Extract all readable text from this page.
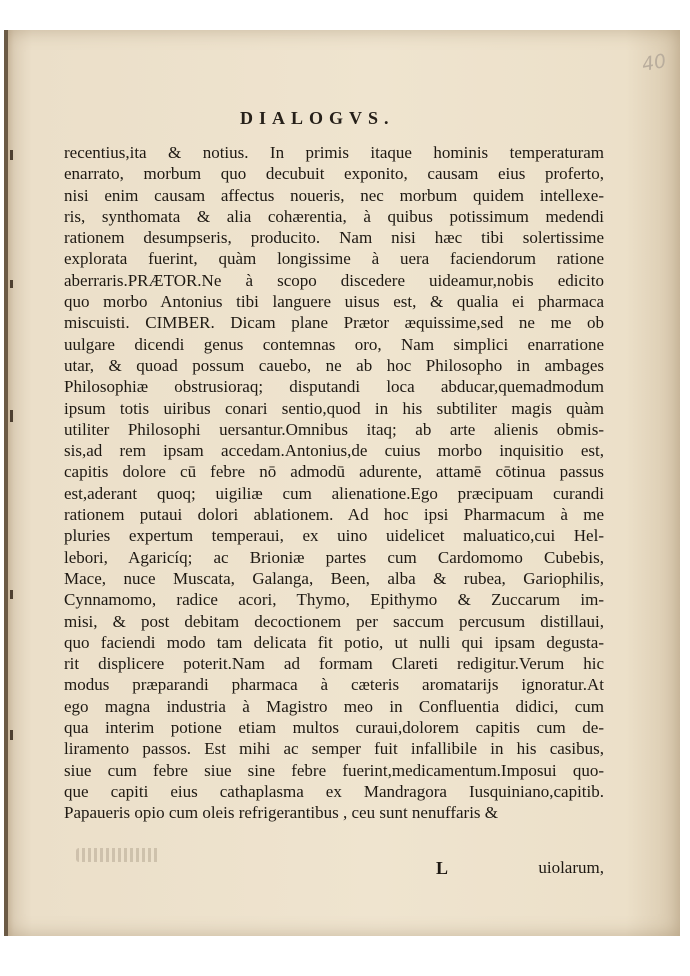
40
DIALOGVS.
recentius,ita & notius. In primis itaque hominis temperaturam
enarrato, morbum quo decubuit exponito, causam eius proferto,
nisi enim causam affectus noueris, nec morbum quidem intellexe-
ris, synthomata & alia cohærentia, à quibus potissimum medendi
rationem desumpseris, producito. Nam nisi hæc tibi solertissime
explorata fuerint, quàm longissime à uera faciendorum ratione
aberraris.PRÆTOR.Ne à scopo discedere uideamur,nobis edicito
quo morbo Antonius tibi languere uisus est, & qualia ei pharmaca
miscuisti. CIMBER. Dicam plane Prætor æquissime,sed ne me ob
uulgare dicendi genus contemnas oro, Nam simplici enarratione
utar, & quoad possum cauebo, ne ab hoc Philosopho in ambages
Philosophiæ obstrusioraq; disputandi loca abducar,quemadmodum
ipsum totis uiribus conari sentio,quod in his subtiliter magis quàm
utiliter Philosophi uersantur.Omnibus itaq; ab arte alienis obmis-
sis,ad rem ipsam accedam.Antonius,de cuius morbo inquisitio est,
capitis dolore cū febre nō admodū adurente, attamē cōtinua passus
est,aderant quoq; uigiliæ cum alienatione.Ego præcipuam curandi
rationem putaui dolori ablationem. Ad hoc ipsi Pharmacum à me
pluries expertum temperaui, ex uino uidelicet maluatico,cui Hel-
lebori, Agaricíq; ac Brioniæ partes cum Cardomomo Cubebis,
Mace, nuce Muscata, Galanga, Been, alba & rubea, Gariophilis,
Cynnamomo, radice acori, Thymo, Epithymo & Zuccarum im-
misi, & post debitam decoctionem per saccum percusum distillaui,
quo faciendi modo tam delicata fit potio, ut nulli qui ipsam degusta-
rit displicere poterit.Nam ad formam Clareti redigitur.Verum hic
modus præparandi pharmaca à cæteris aromatarijs ignoratur.At
ego magna industria à Magistro meo in Confluentia didici, cum
qua interim potione etiam multos curaui,dolorem capitis cum de-
liramento passos. Est mihi ac semper fuit infallibile in his casibus,
siue cum febre siue sine febre fuerint,medicamentum.Imposui quo-
que capiti eius cathaplasma ex Mandragora Iusquiniano,capitib.
Papaueris opio cum oleis refrigerantibus , ceu sunt nenuffaris &
L	uiolarum,
